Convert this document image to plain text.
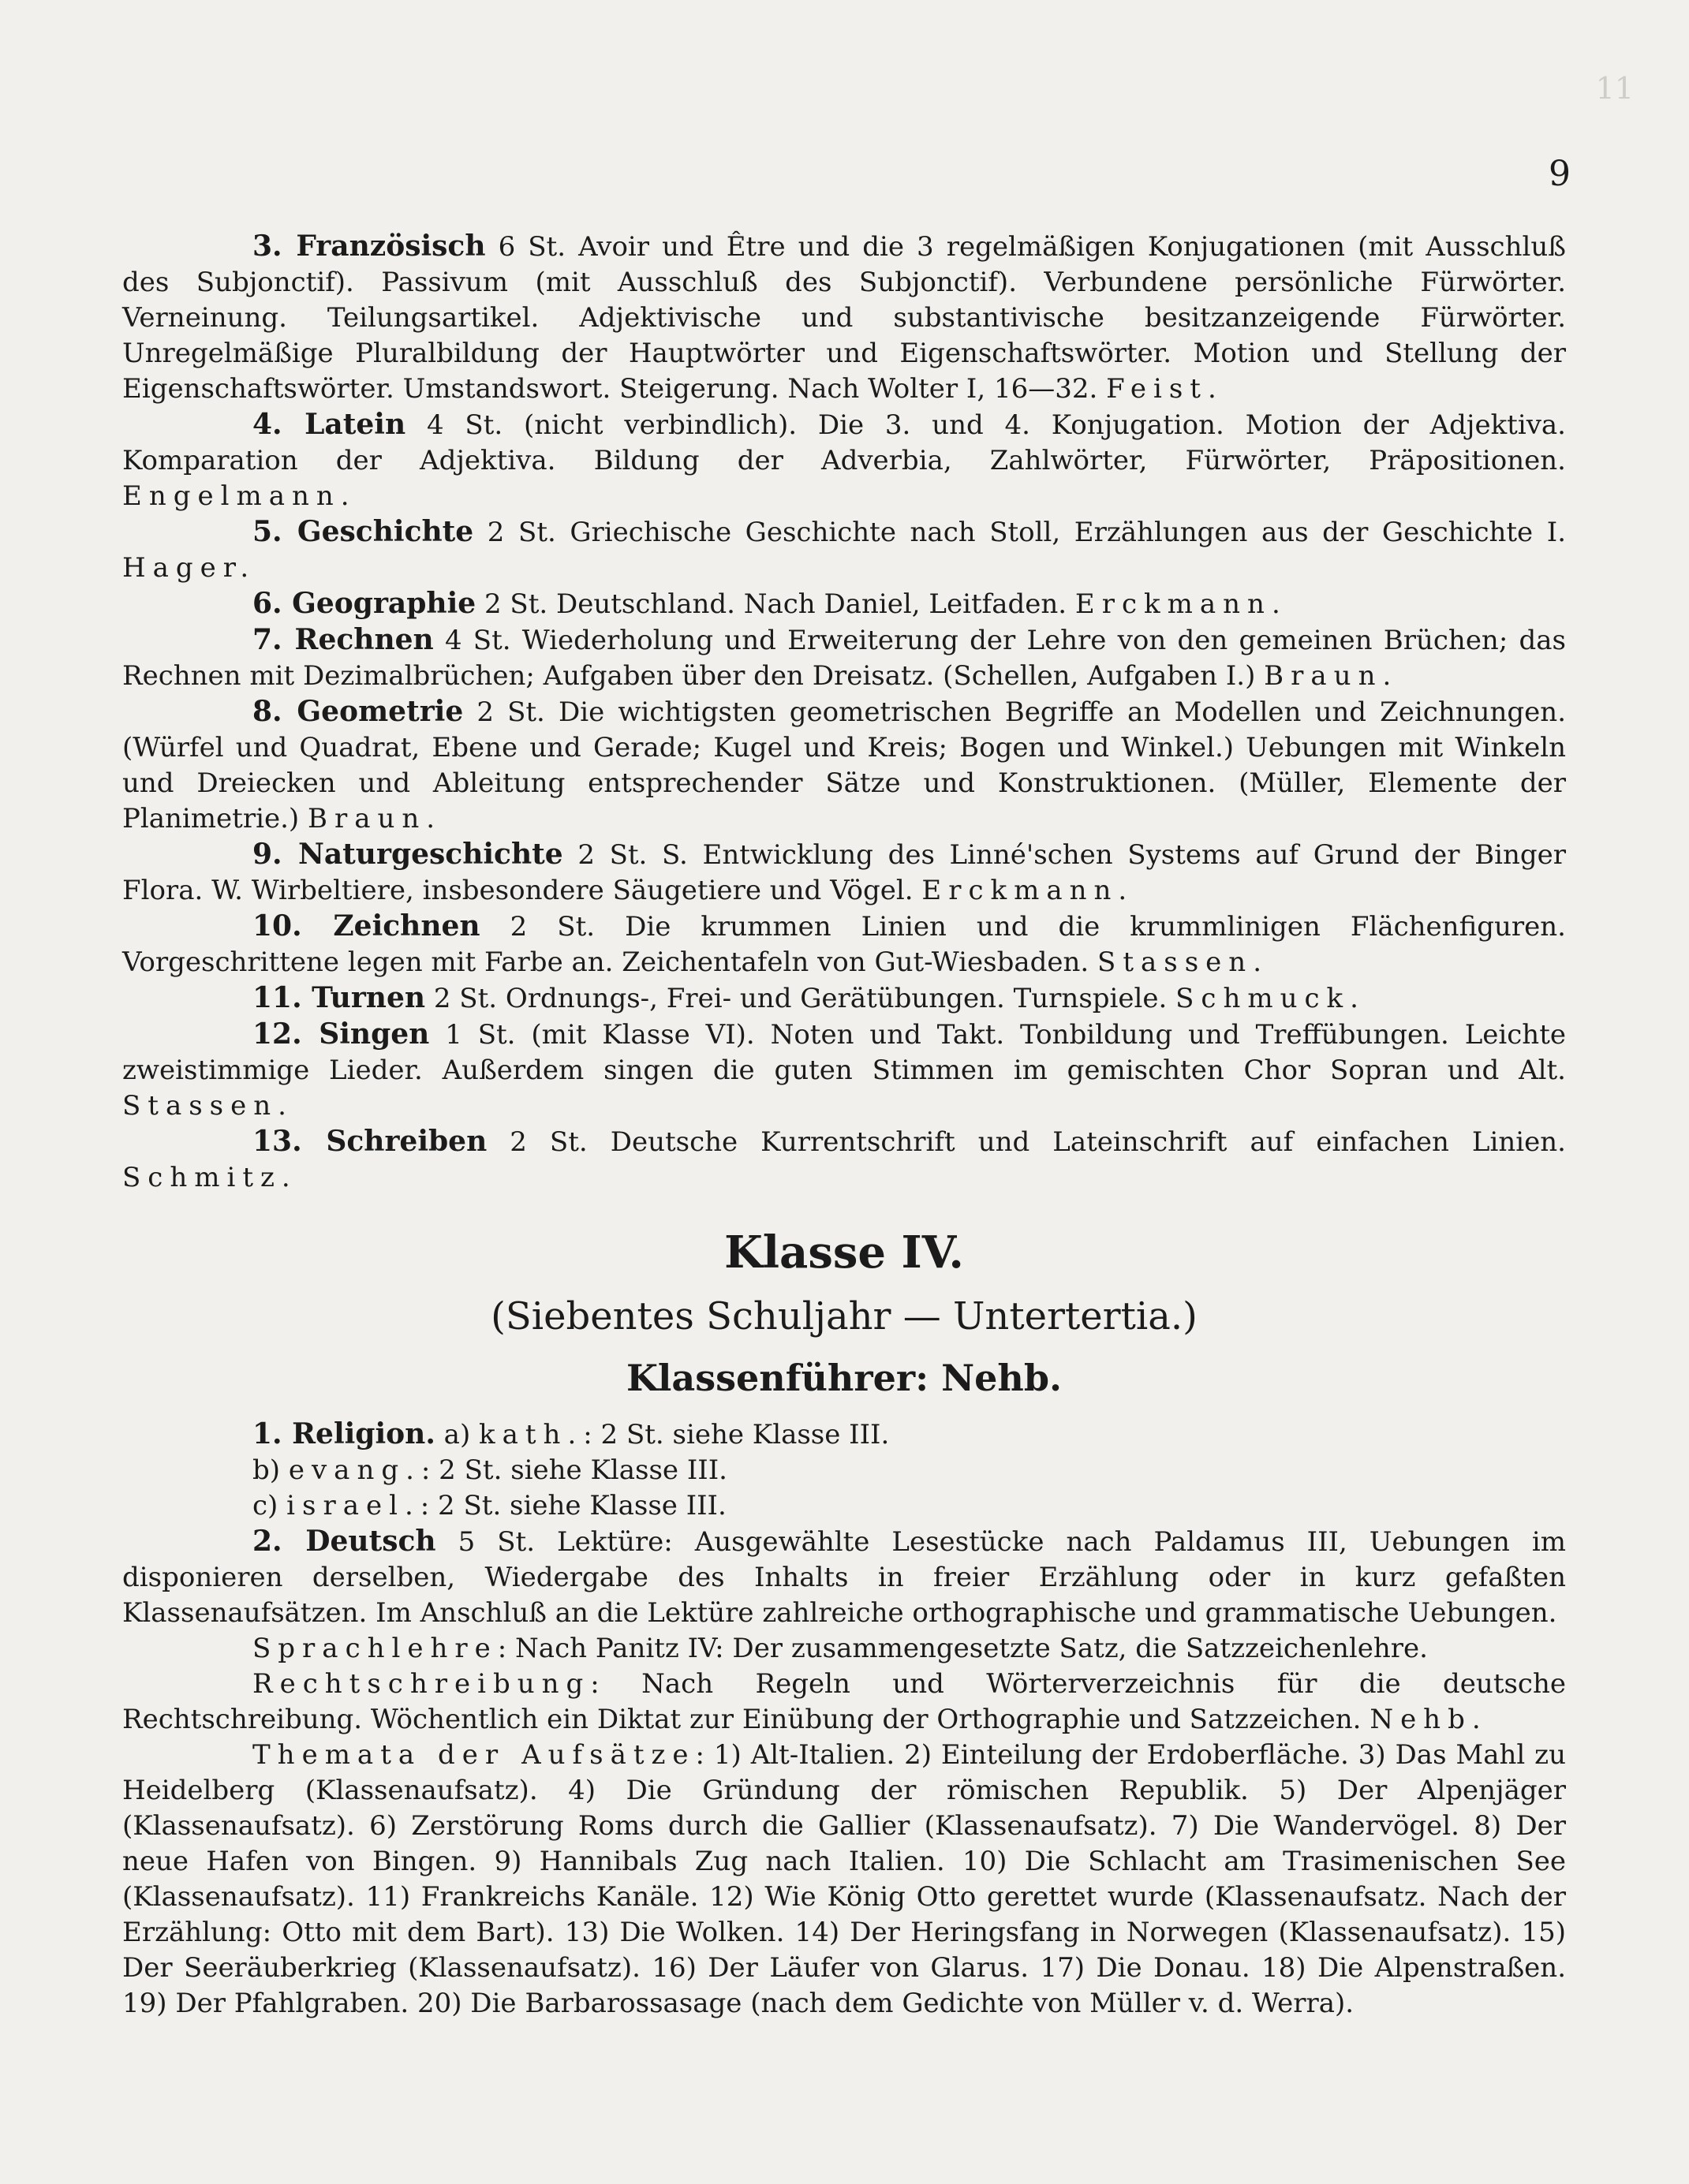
11
9

3. Französisch 6 St. Avoir und Être und die 3 regelmäßigen Konjugationen (mit Ausschluß des Subjonctif). Passivum (mit Ausschluß des Subjonctif). Verbundene persönliche Fürwörter. Verneinung. Teilungsartikel. Adjektivische und substantivische besitzanzeigende Fürwörter. Unregelmäßige Pluralbildung der Hauptwörter und Eigenschaftswörter. Motion und Stellung der Eigenschaftswörter. Umstandswort. Steigerung. Nach Wolter I, 16—32. Feist.

4. Latein 4 St. (nicht verbindlich). Die 3. und 4. Konjugation. Motion der Adjektiva. Komparation der Adjektiva. Bildung der Adverbia, Zahlwörter, Fürwörter, Präpositionen. Engelmann.

5. Geschichte 2 St. Griechische Geschichte nach Stoll, Erzählungen aus der Geschichte I. Hager.

6. Geographie 2 St. Deutschland. Nach Daniel, Leitfaden. Erckmann.

7. Rechnen 4 St. Wiederholung und Erweiterung der Lehre von den gemeinen Brüchen; das Rechnen mit Dezimalbrüchen; Aufgaben über den Dreisatz. (Schellen, Aufgaben I.) Braun.

8. Geometrie 2 St. Die wichtigsten geometrischen Begriffe an Modellen und Zeichnungen. (Würfel und Quadrat, Ebene und Gerade; Kugel und Kreis; Bogen und Winkel.) Uebungen mit Winkeln und Dreiecken und Ableitung entsprechender Sätze und Konstruktionen. (Müller, Elemente der Planimetrie.) Braun.

9. Naturgeschichte 2 St. S. Entwicklung des Linné'schen Systems auf Grund der Binger Flora. W. Wirbeltiere, insbesondere Säugetiere und Vögel. Erckmann.

10. Zeichnen 2 St. Die krummen Linien und die krummlinigen Flächenfiguren. Vorgeschrittene legen mit Farbe an. Zeichentafeln von Gut-Wiesbaden. Stassen.

11. Turnen 2 St. Ordnungs-, Frei- und Gerätübungen. Turnspiele. Schmuck.

12. Singen 1 St. (mit Klasse VI). Noten und Takt. Tonbildung und Treffübungen. Leichte zweistimmige Lieder. Außerdem singen die guten Stimmen im gemischten Chor Sopran und Alt. Stassen.

13. Schreiben 2 St. Deutsche Kurrentschrift und Lateinschrift auf einfachen Linien. Schmitz.

Klasse IV.

(Siebentes Schuljahr — Untertertia.)

Klassenführer: Nehb.

1. Religion. a) kath.: 2 St. siehe Klasse III.

b) evang.: 2 St. siehe Klasse III.

c) israel.: 2 St. siehe Klasse III.

2. Deutsch 5 St. Lektüre: Ausgewählte Lesestücke nach Paldamus III, Uebungen im disponieren derselben, Wiedergabe des Inhalts in freier Erzählung oder in kurz gefaßten Klassenaufsätzen. Im Anschluß an die Lektüre zahlreiche orthographische und grammatische Uebungen.

Sprachlehre: Nach Panitz IV: Der zusammengesetzte Satz, die Satzzeichenlehre.

Rechtschreibung: Nach Regeln und Wörterverzeichnis für die deutsche Rechtschreibung. Wöchentlich ein Diktat zur Einübung der Orthographie und Satzzeichen. Nehb.

Themata der Aufsätze: 1) Alt-Italien. 2) Einteilung der Erdoberfläche. 3) Das Mahl zu Heidelberg (Klassenaufsatz). 4) Die Gründung der römischen Republik. 5) Der Alpenjäger (Klassenaufsatz). 6) Zerstörung Roms durch die Gallier (Klassenaufsatz). 7) Die Wandervögel. 8) Der neue Hafen von Bingen. 9) Hannibals Zug nach Italien. 10) Die Schlacht am Trasimenischen See (Klassenaufsatz). 11) Frankreichs Kanäle. 12) Wie König Otto gerettet wurde (Klassenaufsatz. Nach der Erzählung: Otto mit dem Bart). 13) Die Wolken. 14) Der Heringsfang in Norwegen (Klassenaufsatz). 15) Der Seeräuberkrieg (Klassenaufsatz). 16) Der Läufer von Glarus. 17) Die Donau. 18) Die Alpenstraßen. 19) Der Pfahlgraben. 20) Die Barbarossasage (nach dem Gedichte von Müller v. d. Werra).
